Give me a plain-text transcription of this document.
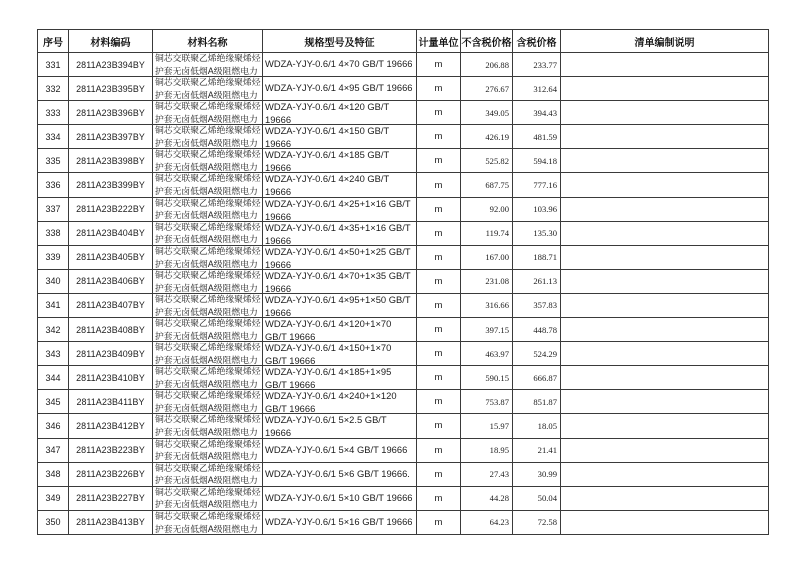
序号	材料编码	材料名称	规格型号及特征	计量单位	不含税价格	含税价格	清单编制说明

331	2811A23B394BY	铜芯交联聚乙烯绝缘聚烯烃护套无卤低烟A级阻燃电力	WDZA-YJY-0.6/1 4×70 GB/T 19666	m	206.88	233.77	

332	2811A23B395BY	铜芯交联聚乙烯绝缘聚烯烃护套无卤低烟A级阻燃电力	WDZA-YJY-0.6/1 4×95 GB/T 19666	m	276.67	312.64	

333	2811A23B396BY	铜芯交联聚乙烯绝缘聚烯烃护套无卤低烟A级阻燃电力	WDZA-YJY-0.6/1 4×120 GB/T 19666	m	349.05	394.43	

334	2811A23B397BY	铜芯交联聚乙烯绝缘聚烯烃护套无卤低烟A级阻燃电力	WDZA-YJY-0.6/1 4×150 GB/T 19666	m	426.19	481.59	

335	2811A23B398BY	铜芯交联聚乙烯绝缘聚烯烃护套无卤低烟A级阻燃电力	WDZA-YJY-0.6/1 4×185 GB/T 19666	m	525.82	594.18	

336	2811A23B399BY	铜芯交联聚乙烯绝缘聚烯烃护套无卤低烟A级阻燃电力	WDZA-YJY-0.6/1 4×240 GB/T 19666	m	687.75	777.16	

337	2811A23B222BY	铜芯交联聚乙烯绝缘聚烯烃护套无卤低烟A级阻燃电力	WDZA-YJY-0.6/1 4×25+1×16 GB/T 19666	m	92.00	103.96	

338	2811A23B404BY	铜芯交联聚乙烯绝缘聚烯烃护套无卤低烟A级阻燃电力	WDZA-YJY-0.6/1 4×35+1×16 GB/T 19666	m	119.74	135.30	

339	2811A23B405BY	铜芯交联聚乙烯绝缘聚烯烃护套无卤低烟A级阻燃电力	WDZA-YJY-0.6/1 4×50+1×25 GB/T 19666	m	167.00	188.71	

340	2811A23B406BY	铜芯交联聚乙烯绝缘聚烯烃护套无卤低烟A级阻燃电力	WDZA-YJY-0.6/1 4×70+1×35 GB/T 19666	m	231.08	261.13	

341	2811A23B407BY	铜芯交联聚乙烯绝缘聚烯烃护套无卤低烟A级阻燃电力	WDZA-YJY-0.6/1 4×95+1×50 GB/T 19666	m	316.66	357.83	

342	2811A23B408BY	铜芯交联聚乙烯绝缘聚烯烃护套无卤低烟A级阻燃电力	WDZA-YJY-0.6/1 4×120+1×70 GB/T 19666	m	397.15	448.78	

343	2811A23B409BY	铜芯交联聚乙烯绝缘聚烯烃护套无卤低烟A级阻燃电力	WDZA-YJY-0.6/1 4×150+1×70 GB/T 19666	m	463.97	524.29	

344	2811A23B410BY	铜芯交联聚乙烯绝缘聚烯烃护套无卤低烟A级阻燃电力	WDZA-YJY-0.6/1 4×185+1×95 GB/T 19666	m	590.15	666.87	

345	2811A23B411BY	铜芯交联聚乙烯绝缘聚烯烃护套无卤低烟A级阻燃电力	WDZA-YJY-0.6/1 4×240+1×120 GB/T 19666	m	753.87	851.87	

346	2811A23B412BY	铜芯交联聚乙烯绝缘聚烯烃护套无卤低烟A级阻燃电力	WDZA-YJY-0.6/1 5×2.5 GB/T 19666	m	15.97	18.05	

347	2811A23B223BY	铜芯交联聚乙烯绝缘聚烯烃护套无卤低烟A级阻燃电力	WDZA-YJY-0.6/1 5×4 GB/T 19666	m	18.95	21.41	

348	2811A23B226BY	铜芯交联聚乙烯绝缘聚烯烃护套无卤低烟A级阻燃电力	WDZA-YJY-0.6/1 5×6 GB/T 19666.	m	27.43	30.99	

349	2811A23B227BY	铜芯交联聚乙烯绝缘聚烯烃护套无卤低烟A级阻燃电力	WDZA-YJY-0.6/1 5×10 GB/T 19666	m	44.28	50.04	

350	2811A23B413BY	铜芯交联聚乙烯绝缘聚烯烃护套无卤低烟A级阻燃电力	WDZA-YJY-0.6/1 5×16 GB/T 19666	m	64.23	72.58	
